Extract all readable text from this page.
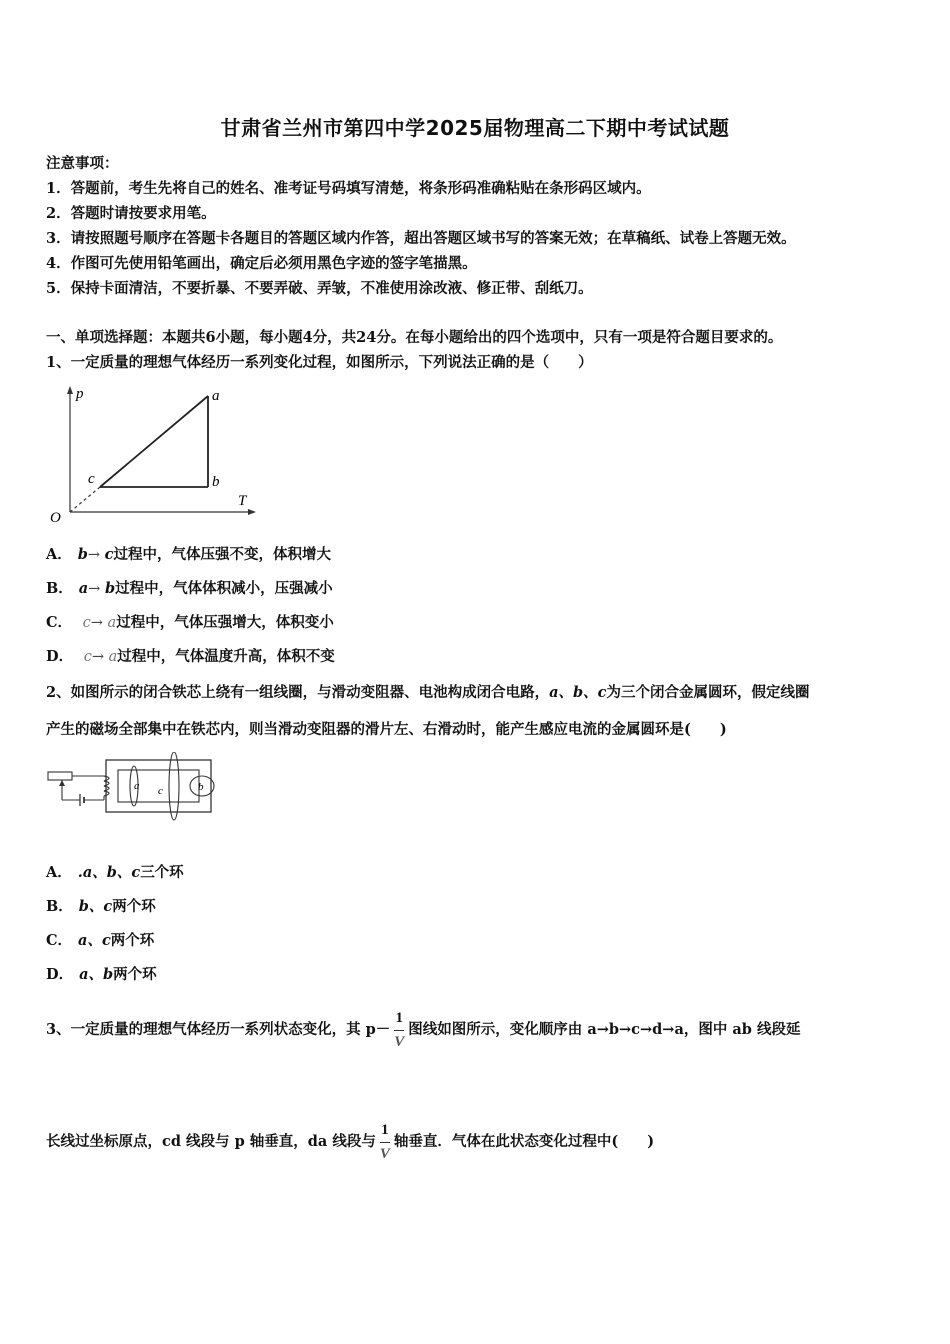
甘肃省兰州市第四中学2025届物理高二下期中考试试题
注意事项：
1．答题前，考生先将自己的姓名、准考证号码填写清楚，将条形码准确粘贴在条形码区域内。
2．答题时请按要求用笔。
3．请按照题号顺序在答题卡各题目的答题区域内作答，超出答题区域书写的答案无效；在草稿纸、试卷上答题无效。
4．作图可先使用铅笔画出，确定后必须用黑色字迹的签字笔描黑。
5．保持卡面清洁，不要折暴、不要弄破、弄皱，不准使用涂改液、修正带、刮纸刀。
一、单项选择题：本题共6小题，每小题4分，共24分。在每小题给出的四个选项中，只有一项是符合题目要求的。
1、一定质量的理想气体经历一系列变化过程，如图所示，下列说法正确的是（　　）
p
T
O
a
b
c
A． b→ c过程中，气体压强不变，体积增大
B． a→ b过程中，气体体积减小，压强减小
C． c→ a过程中，气体压强增大，体积变小
D． c→ a过程中，气体温度升高，体积不变
2、如图所示的闭合铁芯上绕有一组线圈，与滑动变阻器、电池构成闭合电路，a、b、c为三个闭合金属圆环，假定线圈
产生的磁场全部集中在铁芯内，则当滑动变阻器的滑片左、右滑动时，能产生感应电流的金属圆环是(　　)
a c	b
A． .a、b、c三个环
B． b、c两个环
C． a、c两个环
D． a、b两个环
3、一定质量的理想气体经历一系列状态变化，其 $p- \frac{1}{V}$ 图线如图所示，变化顺序由 a→b→c→d→a，图中 ab 线段延
长线过坐标原点，cd 线段与 p 轴垂直，da 线段与 $\frac{1}{V}$ 轴垂直．气体在此状态变化过程中(　　)
